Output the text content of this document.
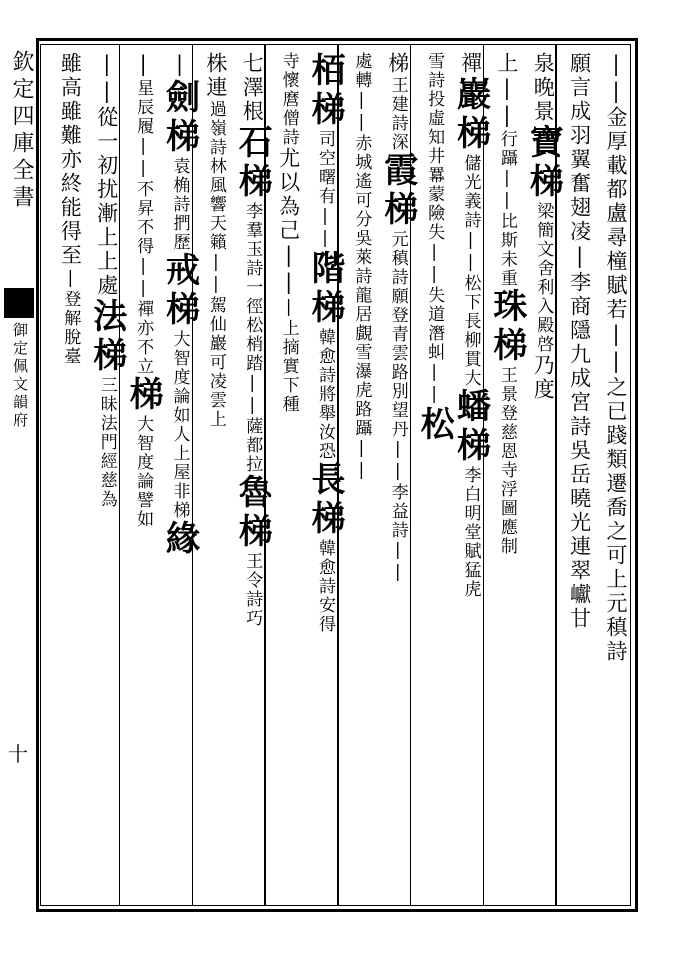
欽定四庫全書
御定佩文韻府
十
||金厚載都盧尋橦賦若||之已踐類遷喬之可上元稹詩
願言成羽翼奮翅凌|李商隱九成宮詩吳岳曉光連翠巘甘
泉晚景寶梯梁簡文舍利入殿啓乃度
上||行躡||比斯未重珠梯王景登慈恩寺浮圖應制
禪巖梯儲光義詩||松下長柳貫大蟠梯李白明堂賦猛虎
雪詩投虛知井羃蒙險失||失道潛虯||松
梯王建詩深霞梯元稹詩願登青雲路別望丹||李益詩||
處轉||赤城遙可分吳萊詩龍居覰雪瀑虎路躡||
栢梯司空曙有||階梯韓愈詩將舉汝恐長梯韓愈詩安得
寺懷麿僧詩尤以為己|||上摘實下種
七澤根石梯李羣玉詩一徑松梢踏||薩都拉魯梯王令詩巧
株連過嶺詩林風響天籟||駕仙巖可凌雲上
|劍梯袁桷詩捫歷戒梯大智度論如人上屋非梯緣
|星辰履||不昇不得||禪亦不立梯大智度論譬如
||從一初扰漸上上處法梯三昧法門經慈為
雖高雖難亦終能得至|登解脫臺
